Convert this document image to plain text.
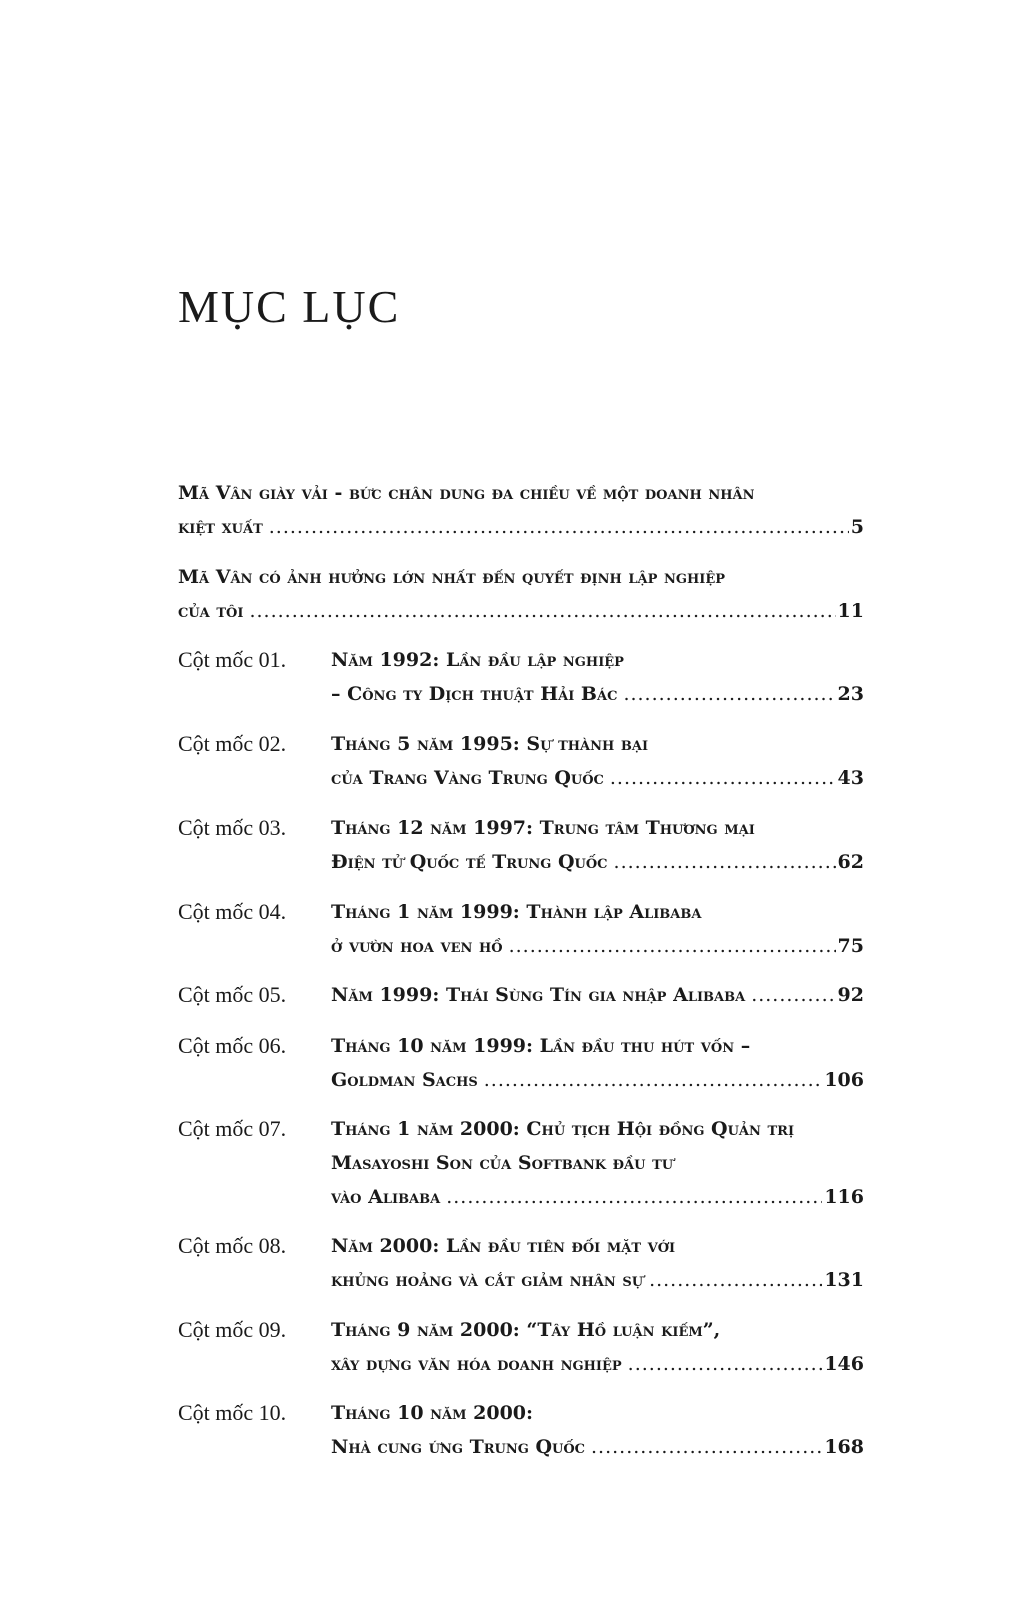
MỤC LỤC
Mã Vân giày vải - bức chân dung đa chiều về một doanh nhân
kiệt xuất .....	5
Mã Vân có ảnh hưởng lớn nhất đến quyết định lập nghiệp
của tôi .....	11
Cột mốc 01. Năm 1992: Lần đầu lập nghiệp
– Công ty Dịch thuật Hải Bác .....	23
Cột mốc 02. Tháng 5 năm 1995: Sự thành bại
của Trang Vàng Trung Quốc .....	43
Cột mốc 03. Tháng 12 năm 1997: Trung tâm Thương mại
Điện tử Quốc tế Trung Quốc .....	62
Cột mốc 04. Tháng 1 năm 1999: Thành lập Alibaba
ở vườn hoa ven hồ .....	75
Cột mốc 05. Năm 1999: Thái Sùng Tín gia nhập Alibaba .....	92
Cột mốc 06. Tháng 10 năm 1999: Lần đầu thu hút vốn –
Goldman Sachs .....	106
Cột mốc 07. Tháng 1 năm 2000: Chủ tịch Hội đồng Quản trị
Masayoshi Son của Softbank đầu tư
vào Alibaba .....	116
Cột mốc 08. Năm 2000: Lần đầu tiên đối mặt với
khủng hoảng và cắt giảm nhân sự .....	131
Cột mốc 09. Tháng 9 năm 2000: “Tây Hồ luận kiếm”,
xây dựng văn hóa doanh nghiệp .....	146
Cột mốc 10. Tháng 10 năm 2000:
Nhà cung ứng Trung Quốc .....	168
